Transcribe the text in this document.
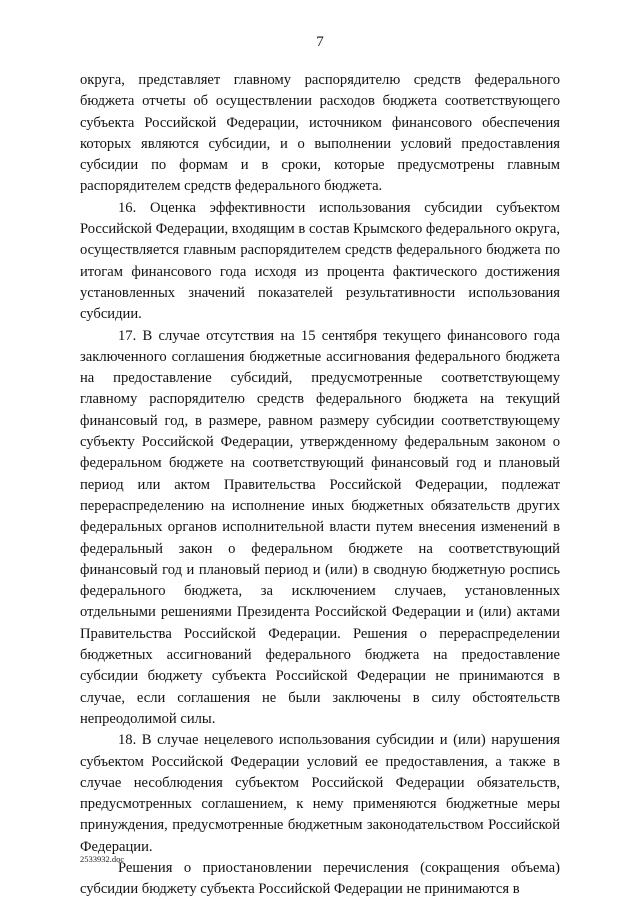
7

округа, представляет главному распорядителю средств федерального бюджета отчеты об осуществлении расходов бюджета соответствующего субъекта Российской Федерации, источником финансового обеспечения которых являются субсидии, и о выполнении условий предоставления субсидии по формам и в сроки, которые предусмотрены главным распорядителем средств федерального бюджета.

16. Оценка эффективности использования субсидии субъектом Российской Федерации, входящим в состав Крымского федерального округа, осуществляется главным распорядителем средств федерального бюджета по итогам финансового года исходя из процента фактического достижения установленных значений показателей результативности использования субсидии.

17. В случае отсутствия на 15 сентября текущего финансового года заключенного соглашения бюджетные ассигнования федерального бюджета на предоставление субсидий, предусмотренные соответствующему главному распорядителю средств федерального бюджета на текущий финансовый год, в размере, равном размеру субсидии соответствующему субъекту Российской Федерации, утвержденному федеральным законом о федеральном бюджете на соответствующий финансовый год и плановый период или актом Правительства Российской Федерации, подлежат перераспределению на исполнение иных бюджетных обязательств других федеральных органов исполнительной власти путем внесения изменений в федеральный закон о федеральном бюджете на соответствующий финансовый год и плановый период и (или) в сводную бюджетную роспись федерального бюджета, за исключением случаев, установленных отдельными решениями Президента Российской Федерации и (или) актами Правительства Российской Федерации. Решения о перераспределении бюджетных ассигнований федерального бюджета на предоставление субсидии бюджету субъекта Российской Федерации не принимаются в случае, если соглашения не были заключены в силу обстоятельств непреодолимой силы.

18. В случае нецелевого использования субсидии и (или) нарушения субъектом Российской Федерации условий ее предоставления, а также в случае несоблюдения субъектом Российской Федерации обязательств, предусмотренных соглашением, к нему применяются бюджетные меры принуждения, предусмотренные бюджетным законодательством Российской Федерации.

Решения о приостановлении перечисления (сокращения объема) субсидии бюджету субъекта Российской Федерации не принимаются в

2533932.doc
